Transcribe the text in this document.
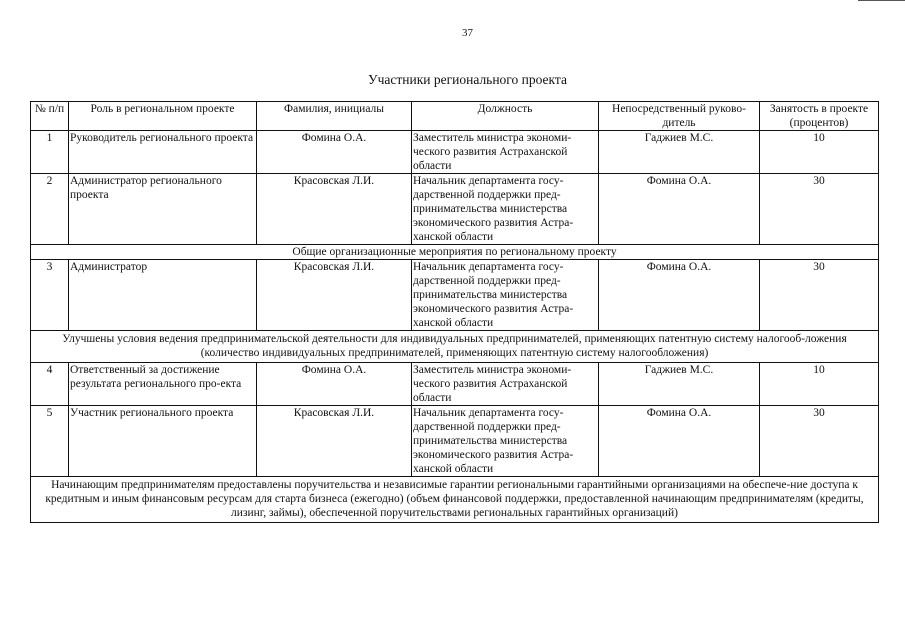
37
Участники регионального проекта
№ п/п	Роль в региональном проекте	Фамилия, инициалы	Должность	Непосредственный руково-дитель	Занятость в проекте (процентов)
1	Руководитель регионального проекта	Фомина О.А.	Заместитель министра экономи-ческого развития Астраханской области	Гаджиев М.С.	10
2	Администратор регионального проекта	Красовская Л.И.	Начальник департамента госу-дарственной поддержки пред-принимательства министерства экономического развития Астра-ханской области	Фомина О.А.	30
Общие организационные мероприятия по региональному проекту					
3	Администратор	Красовская Л.И.	Начальник департамента госу-дарственной поддержки пред-принимательства министерства экономического развития Астра-ханской области	Фомина О.А.	30
Улучшены условия ведения предпринимательской деятельности для индивидуальных предпринимателей, применяющих патентную систему налогооб-ложения (количество индивидуальных предпринимателей, применяющих патентную систему налогообложения)					
4	Ответственный за достижение результата регионального про-екта	Фомина О.А.	Заместитель министра экономи-ческого развития Астраханской области	Гаджиев М.С.	10
5	Участник регионального проекта	Красовская Л.И.	Начальник департамента госу-дарственной поддержки пред-принимательства министерства экономического развития Астра-ханской области	Фомина О.А.	30
Начинающим предпринимателям предоставлены поручительства и независимые гарантии региональными гарантийными организациями на обеспече-ние доступа к кредитным и иным финансовым ресурсам для старта бизнеса (ежегодно) (объем финансовой поддержки, предоставленной начинающим предпринимателям (кредиты, лизинг, займы), обеспеченной поручительствами региональных гарантийных организаций)					
